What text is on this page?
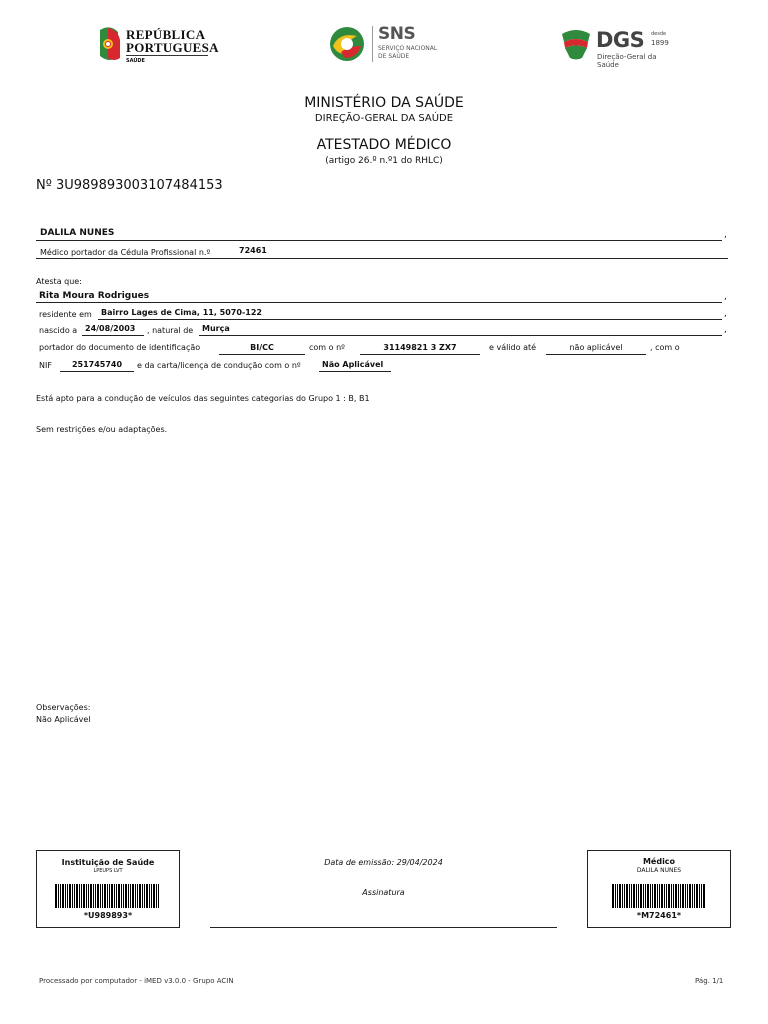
REPÚBLICA
PORTUGUESA
SAÚDE
SNS
SERVIÇO NACIONAL
DE SAÚDE
DGS desde
1899
Direção-Geral da Saúde
MINISTÉRIO DA SAÚDE
DIREÇÃO-GERAL DA SAÚDE
ATESTADO MÉDICO
(artigo 26.º n.º1 do RHLC)
Nº 3U989893003107484153
DALILA NUNES	,
Médico portador da Cédula Profissional n.º	72461
Atesta que:
Rita Moura Rodrigues	,
residente em Bairro Lages de Cima, 11, 5070-122	,
nascido a 24/08/2003 , natural de Murça	,
portador do documento de identificação	BI/CC	com o nº	31149821 3 ZX7	e válido até	não aplicável	, com o
NIF	251745740	e da carta/licença de condução com o nº	Não Aplicável
Está apto para a condução de veículos das seguintes categorias do Grupo 1 : B, B1
Sem restrições e/ou adaptações.
Observações:
Não Aplicável
Instituição de Saúde
LPEUPS LVT
*U989893*
Data de emissão: 29/04/2024
Assinatura
Médico
DALILA NUNES
*M72461*
Processado por computador - iMED v3.0.0 - Grupo ACIN	Pág. 1/1
